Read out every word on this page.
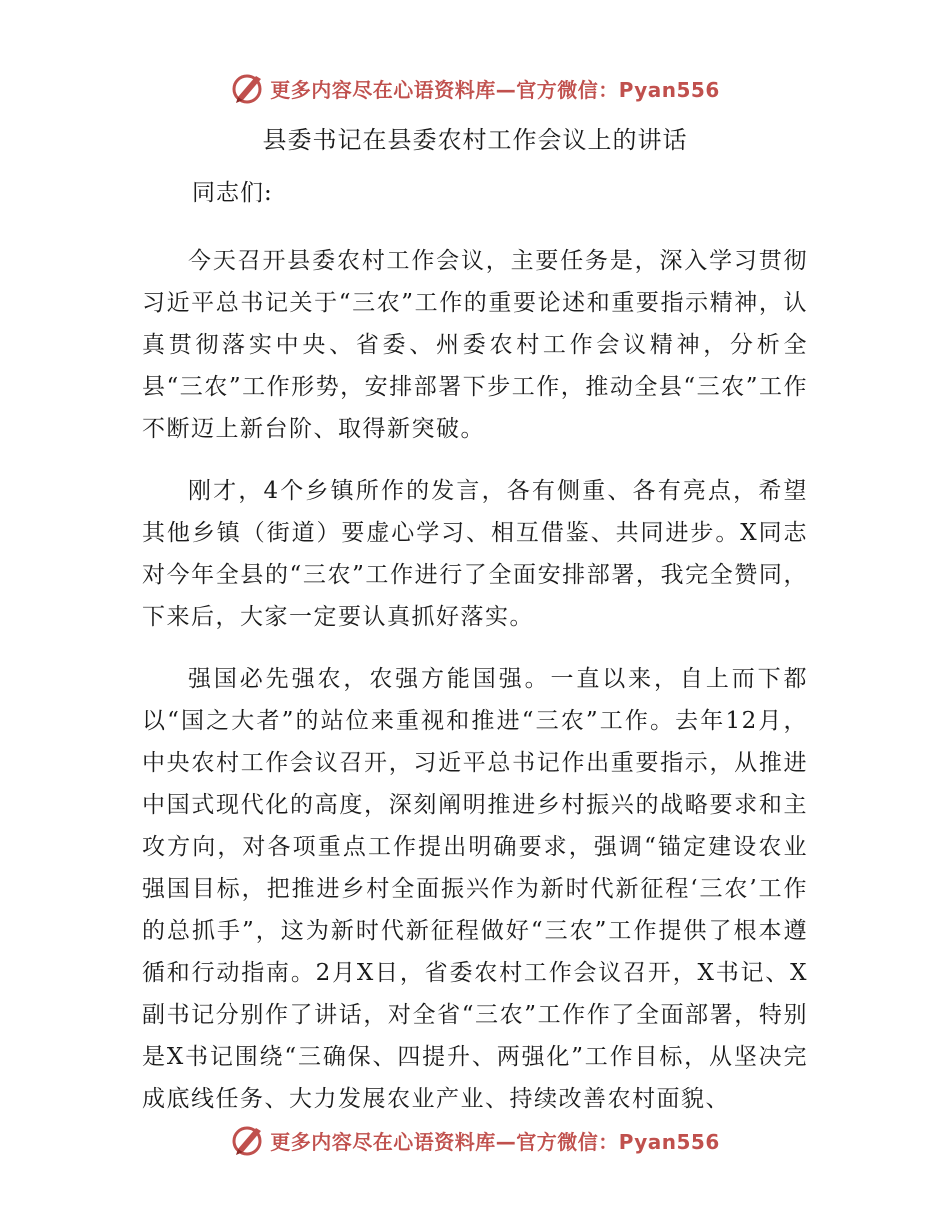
更多内容尽在心语资料库—官方微信：Pyan556
县委书记在县委农村工作会议上的讲话

同志们:

今天召开县委农村工作会议，主要任务是，深入学习贯彻习近平总书记关于“三农”工作的重要论述和重要指示精神，认真贯彻落实中央、省委、州委农村工作会议精神，分析全县“三农”工作形势，安排部署下步工作，推动全县“三农”工作不断迈上新台阶、取得新突破。

刚才，4个乡镇所作的发言，各有侧重、各有亮点，希望其他乡镇（街道）要虚心学习、相互借鉴、共同进步。X同志对今年全县的“三农”工作进行了全面安排部署，我完全赞同，下来后，大家一定要认真抓好落实。

强国必先强农，农强方能国强。一直以来，自上而下都以“国之大者”的站位来重视和推进“三农”工作。去年12月，中央农村工作会议召开，习近平总书记作出重要指示，从推进中国式现代化的高度，深刻阐明推进乡村振兴的战略要求和主攻方向，对各项重点工作提出明确要求，强调“锚定建设农业强国目标，把推进乡村全面振兴作为新时代新征程‘三农’工作的总抓手”，这为新时代新征程做好“三农”工作提供了根本遵循和行动指南。2月X日，省委农村工作会议召开，X书记、X副书记分别作了讲话，对全省“三农”工作作了全面部署，特别是X书记围绕“三确保、四提升、两强化”工作目标，从坚决完成底线任务、大力发展农业产业、持续改善农村面貌、

更多内容尽在心语资料库—官方微信：Pyan556
